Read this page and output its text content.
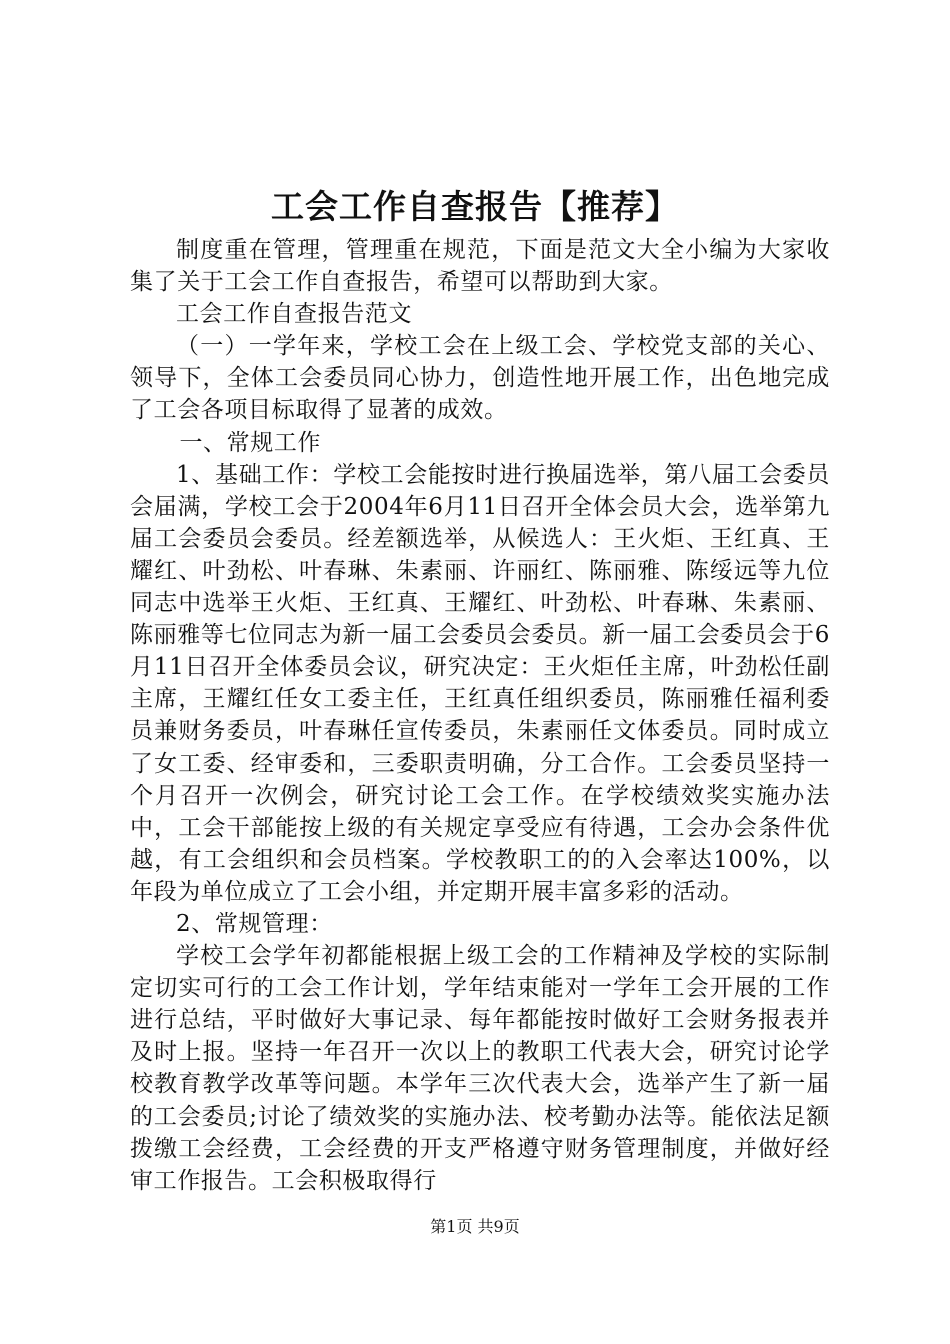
工会工作自查报告【推荐】

制度重在管理，管理重在规范，下面是范文大全小编为大家收集了关于工会工作自查报告，希望可以帮助到大家。

工会工作自查报告范文

（一）一学年来，学校工会在上级工会、学校党支部的关心、领导下，全体工会委员同心协力，创造性地开展工作，出色地完成了工会各项目标取得了显著的成效。

一、常规工作

1、基础工作：学校工会能按时进行换届选举，第八届工会委员会届满，学校工会于2004年6月11日召开全体会员大会，选举第九届工会委员会委员。经差额选举，从候选人：王火炬、王红真、王耀红、叶劲松、叶春琳、朱素丽、许丽红、陈丽雅、陈绥远等九位同志中选举王火炬、王红真、王耀红、叶劲松、叶春琳、朱素丽、陈丽雅等七位同志为新一届工会委员会委员。新一届工会委员会于6月11日召开全体委员会议，研究决定：王火炬任主席，叶劲松任副主席，王耀红任女工委主任，王红真任组织委员，陈丽雅任福利委员兼财务委员，叶春琳任宣传委员，朱素丽任文体委员。同时成立了女工委、经审委和，三委职责明确，分工合作。工会委员坚持一个月召开一次例会，研究讨论工会工作。在学校绩效奖实施办法中，工会干部能按上级的有关规定享受应有待遇，工会办会条件优越，有工会组织和会员档案。学校教职工的的入会率达100%，以年段为单位成立了工会小组，并定期开展丰富多彩的活动。

2、常规管理：

学校工会学年初都能根据上级工会的工作精神及学校的实际制定切实可行的工会工作计划，学年结束能对一学年工会开展的工作进行总结，平时做好大事记录、每年都能按时做好工会财务报表并及时上报。坚持一年召开一次以上的教职工代表大会，研究讨论学校教育教学改革等问题。本学年三次代表大会，选举产生了新一届的工会委员;讨论了绩效奖的实施办法、校考勤办法等。能依法足额拨缴工会经费，工会经费的开支严格遵守财务管理制度，并做好经审工作报告。工会积极取得行

第1页 共9页
